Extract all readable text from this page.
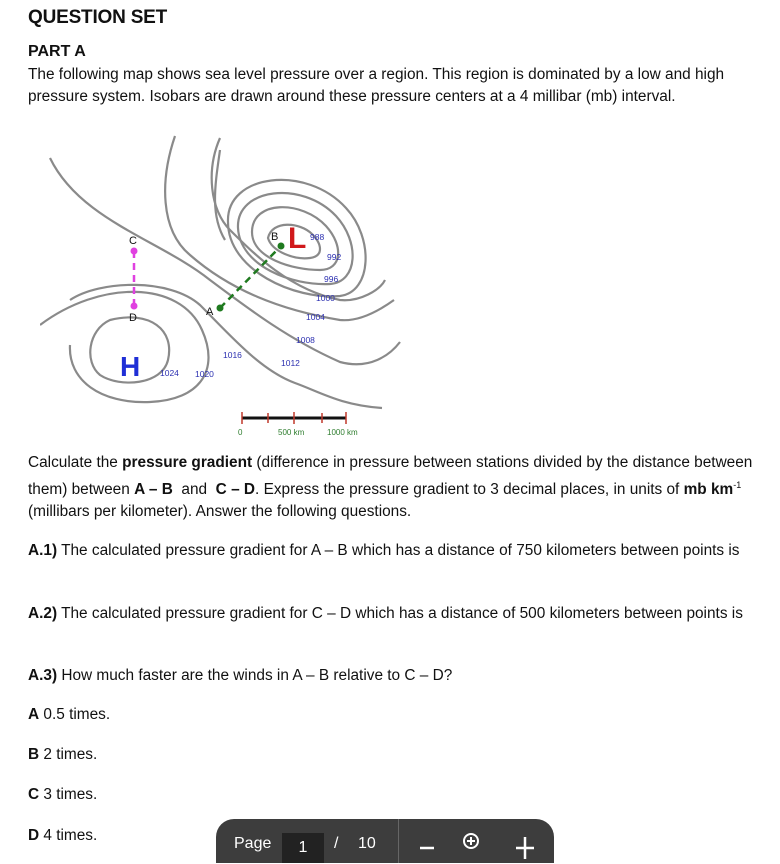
QUESTION SET
PART A
The following map shows sea level pressure over a region. This region is dominated by a low and high pressure system. Isobars are drawn around these pressure centers at a 4 millibar (mb) interval.
C
D	A
B L
H
988
992
996
1000
1004
1008
1012
1016
1020
1024
0	500 km	1000 km
Calculate the pressure gradient (difference in pressure between stations divided by the distance between them) between A – B  and  C – D. Express the pressure gradient to 3 decimal places, in units of mb $km^{-1}$ (millibars per kilometer). Answer the following questions.
A.1) The calculated pressure gradient for A – B which has a distance of 750 kilometers between points is
A.2) The calculated pressure gradient for C – D which has a distance of 500 kilometers between points is
A.3) How much faster are the winds in A – B relative to C – D?
A 0.5 times.
B 2 times.
C 3 times.
D 4 times.	Page
1	/ 10
